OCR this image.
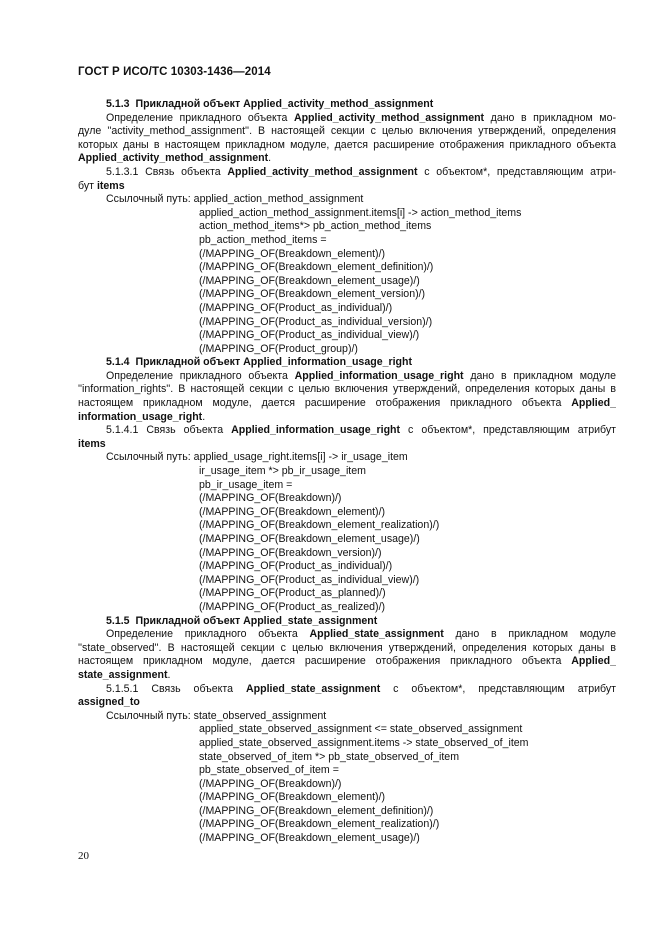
ГОСТ Р ИСО/ТС 10303-1436—2014
5.1.3 Прикладной объект Applied_activity_method_assignment
Определение прикладного объекта Applied_activity_method_assignment дано в прикладном мо-
дуле ''activity_method_assignment''. В настоящей секции с целью включения утверждений, определения
которых даны в настоящем прикладном модуле, дается расширение отображения прикладного объекта
Applied_activity_method_assignment.
5.1.3.1 Связь объекта Applied_activity_method_assignment с объектом*, представляющим атри-
бут items
Ссылочный путь: applied_action_method_assignment
applied_action_method_assignment.items[i] -> action_method_items
action_method_items*> pb_action_method_items
pb_action_method_items =
(/MAPPING_OF(Breakdown_element)/)
(/MAPPING_OF(Breakdown_element_definition)/)
(/MAPPING_OF(Breakdown_element_usage)/)
(/MAPPING_OF(Breakdown_element_version)/)
(/MAPPING_OF(Product_as_individual)/)
(/MAPPING_OF(Product_as_individual_version)/)
(/MAPPING_OF(Product_as_individual_view)/)
(/MAPPING_OF(Product_group)/)
5.1.4 Прикладной объект Applied_information_usage_right
Определение прикладного объекта Applied_information_usage_right дано в прикладном модуле
''information_rights''. В настоящей секции с целью включения утверждений, определения которых даны в
настоящем прикладном модуле, дается расширение отображения прикладного объекта Applied_
information_usage_right.
5.1.4.1 Связь объекта Applied_information_usage_right с объектом*, представляющим атрибут
items
Ссылочный путь: applied_usage_right.items[i] -> ir_usage_item
ir_usage_item *> pb_ir_usage_item
pb_ir_usage_item =
(/MAPPING_OF(Breakdown)/)
(/MAPPING_OF(Breakdown_element)/)
(/MAPPING_OF(Breakdown_element_realization)/)
(/MAPPING_OF(Breakdown_element_usage)/)
(/MAPPING_OF(Breakdown_version)/)
(/MAPPING_OF(Product_as_individual)/)
(/MAPPING_OF(Product_as_individual_view)/)
(/MAPPING_OF(Product_as_planned)/)
(/MAPPING_OF(Product_as_realized)/)
5.1.5 Прикладной объект Applied_state_assignment
Определение прикладного объекта Applied_state_assignment дано в прикладном модуле
''state_observed''. В настоящей секции с целью включения утверждений, определения которых даны в
настоящем прикладном модуле, дается расширение отображения прикладного объекта Applied_
state_assignment.
5.1.5.1 Связь объекта Applied_state_assignment с объектом*, представляющим атрибут
assigned_to
Ссылочный путь: state_observed_assignment
applied_state_observed_assignment <= state_observed_assignment
applied_state_observed_assignment.items -> state_observed_of_item
state_observed_of_item *> pb_state_observed_of_item
pb_state_observed_of_item =
(/MAPPING_OF(Breakdown)/)
(/MAPPING_OF(Breakdown_element)/)
(/MAPPING_OF(Breakdown_element_definition)/)
(/MAPPING_OF(Breakdown_element_realization)/)
(/MAPPING_OF(Breakdown_element_usage)/)
20
